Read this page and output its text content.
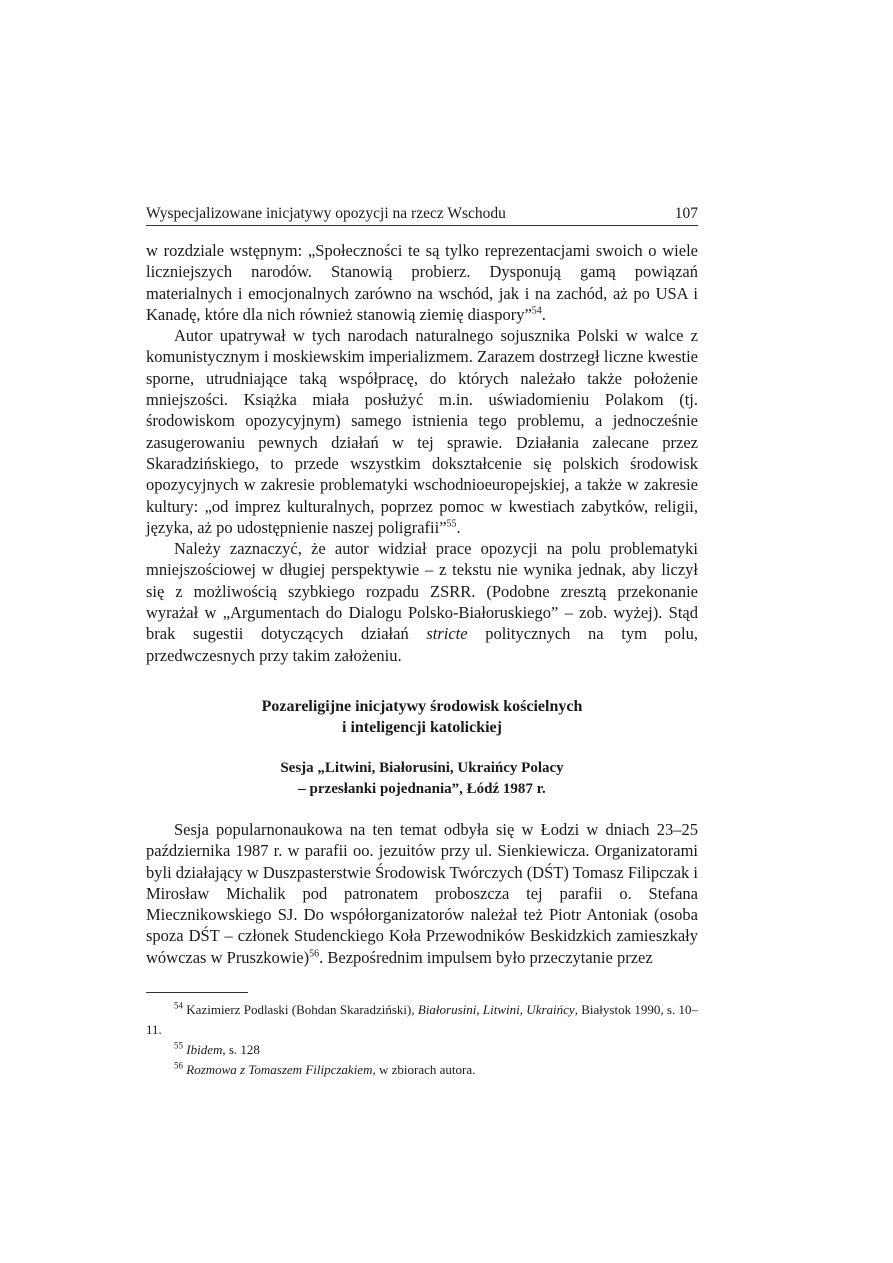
Wyspecjalizowane inicjatywy opozycji na rzecz Wschodu	107

w rozdziale wstępnym: „Społeczności te są tylko reprezentacjami swoich o wiele liczniejszych narodów. Stanowią probierz. Dysponują gamą powiązań materialnych i emocjonalnych zarówno na wschód, jak i na zachód, aż po USA i Kanadę, które dla nich również stanowią ziemię diaspory”$^{54}$.

Autor upatrywał w tych narodach naturalnego sojusznika Polski w walce z komunistycznym i moskiewskim imperializmem. Zarazem dostrzegł liczne kwestie sporne, utrudniające taką współpracę, do których należało także położenie mniejszości. Książka miała posłużyć m.in. uświadomieniu Polakom (tj. środowiskom opozycyjnym) samego istnienia tego problemu, a jednocześnie zasugerowaniu pewnych działań w tej sprawie. Działania zalecane przez Skaradzińskiego, to przede wszystkim dokształcenie się polskich środowisk opozycyjnych w zakresie problematyki wschodnioeuropejskiej, a także w zakresie kultury: „od imprez kulturalnych, poprzez pomoc w kwestiach zabytków, religii, języka, aż po udostępnienie naszej poligrafii”$^{55}$.

Należy zaznaczyć, że autor widział prace opozycji na polu problematyki mniejszościowej w długiej perspektywie – z tekstu nie wynika jednak, aby liczył się z możliwością szybkiego rozpadu ZSRR. (Podobne zresztą przekonanie wyrażał w „Argumentach do Dialogu Polsko-Białoruskiego” – zob. wyżej). Stąd brak sugestii dotyczących działań stricte politycznych na tym polu, przedwczesnych przy takim założeniu.

Pozareligijne inicjatywy środowisk kościelnych
i inteligencji katolickiej
Sesja „Litwini, Białorusini, Ukraińcy Polacy
– przesłanki pojednania”, Łódź 1987 r.

Sesja popularnonaukowa na ten temat odbyła się w Łodzi w dniach 23–25 października 1987 r. w parafii oo. jezuitów przy ul. Sienkiewicza. Organizatorami byli działający w Duszpasterstwie Środowisk Twórczych (DŚT) Tomasz Filipczak i Mirosław Michalik pod patronatem proboszcza tej parafii o. Stefana Miecznikowskiego SJ. Do współorganizatorów należał też Piotr Antoniak (osoba spoza DŚT – członek Studenckiego Koła Przewodników Beskidzkich zamieszkały wówczas w Pruszkowie)$^{56}$. Bezpośrednim impulsem było przeczytanie przez

$^{54}$ Kazimierz Podlaski (Bohdan Skaradziński), Białorusini, Litwini, Ukraińcy, Białystok 1990, s. 10–11.

$^{55}$ Ibidem, s. 128

$^{56}$ Rozmowa z Tomaszem Filipczakiem, w zbiorach autora.
